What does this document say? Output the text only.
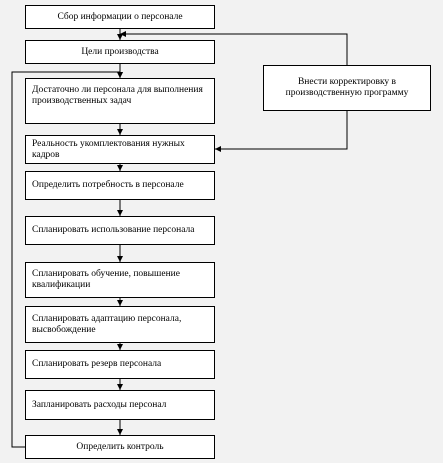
Сбор информации о персонале
Цели производства
Достаточно ли персонала для выполнения производственных задач
Реальность укомплектования нужных кадров
Определить потребность в персонале
Спланировать использование персонала
Спланировать обучение, повышение квалификации
Спланировать адаптацию персонала, высвобождение
Спланировать резерв персонала
Запланировать расходы персонал
Определить контроль
Внести корректировку в производственную программу
